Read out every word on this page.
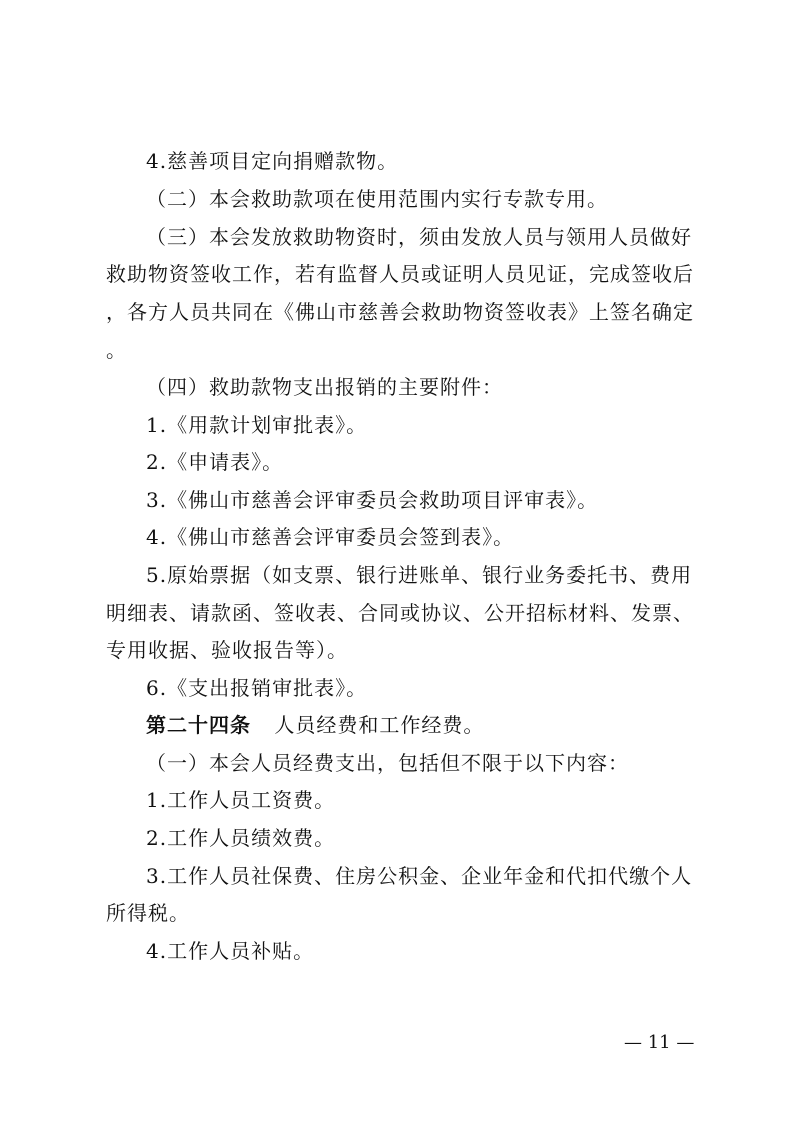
4.慈善项目定向捐赠款物。
（二）本会救助款项在使用范围内实行专款专用。
（三）本会发放救助物资时，须由发放人员与领用人员做好
救助物资签收工作，若有监督人员或证明人员见证，完成签收后
，各方人员共同在《佛山市慈善会救助物资签收表》上签名确定
。
（四）救助款物支出报销的主要附件：
1.《用款计划审批表》。
2.《申请表》。
3.《佛山市慈善会评审委员会救助项目评审表》。
4.《佛山市慈善会评审委员会签到表》。
5.原始票据（如支票、银行进账单、银行业务委托书、费用
明细表、请款函、签收表、合同或协议、公开招标材料、发票、
专用收据、验收报告等）。
6.《支出报销审批表》。
第二十四条 人员经费和工作经费。
（一）本会人员经费支出，包括但不限于以下内容：
1.工作人员工资费。
2.工作人员绩效费。
3.工作人员社保费、住房公积金、企业年金和代扣代缴个人
所得税。
4.工作人员补贴。
— 11 —
